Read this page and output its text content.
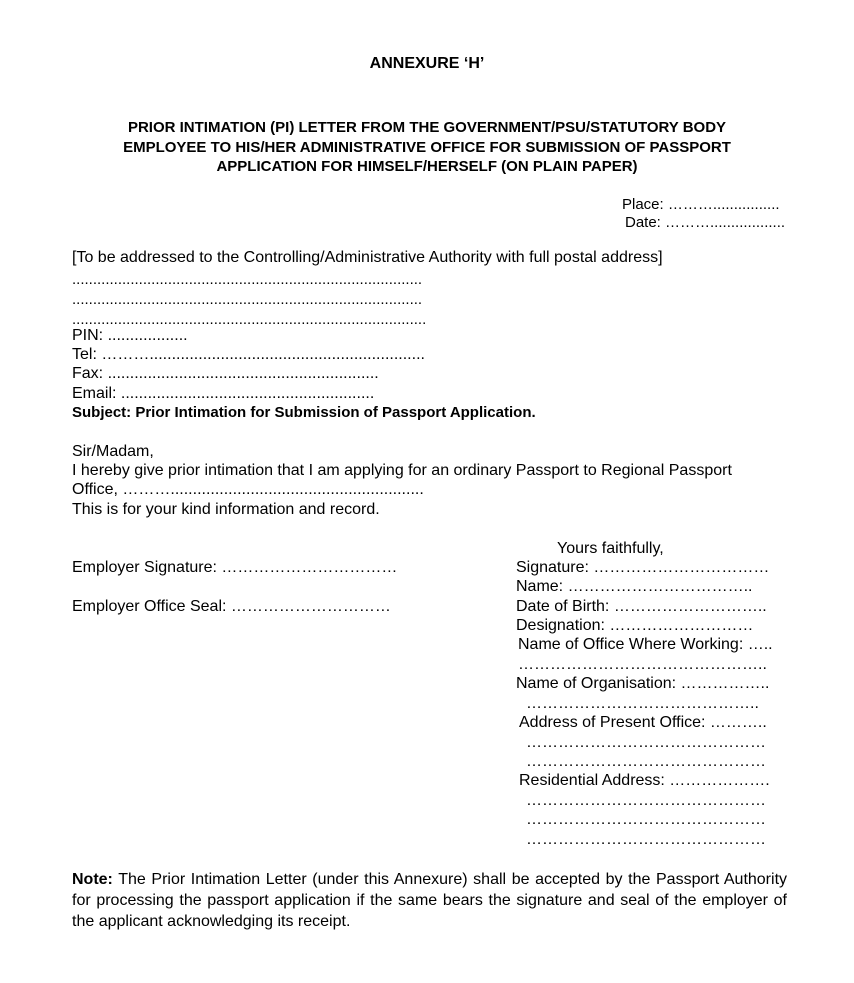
ANNEXURE ‘H’
PRIOR INTIMATION (PI) LETTER FROM THE GOVERNMENT/PSU/STATUTORY BODY
EMPLOYEE TO HIS/HER ADMINISTRATIVE OFFICE FOR SUBMISSION OF PASSPORT
APPLICATION FOR HIMSELF/HERSELF (ON PLAIN PAPER)
Place: ………................
Date: ………..................
[To be addressed to the Controlling/Administrative Authority with full postal address]
....................................................................................
....................................................................................
.....................................................................................
PIN: ..................
Tel: ………..............................................................
Fax: .............................................................
Email: .........................................................
Subject: Prior Intimation for Submission of Passport Application.
Sir/Madam,
I hereby give prior intimation that I am applying for an ordinary Passport to Regional Passport
Office, ……….........................................................
This is for your kind information and record.
Employer Signature: ……………………………
Employer Office Seal: …………………………
Yours faithfully,
Signature: ……………………………
Name: ……………………………..
Date of Birth: ………………………..
Designation: ………………………
Name of Office Where Working: …..
………………………………………..
Name of Organisation: ……………..
……………………………………..
Address of Present Office: ………..
………………………………………
………………………………………
Residential Address: ……………….
………………………………………
………………………………………
………………………………………
Note: The Prior Intimation Letter (under this Annexure) shall be accepted by the Passport Authority for processing the passport application if the same bears the signature and seal of the employer of the applicant acknowledging its receipt.
